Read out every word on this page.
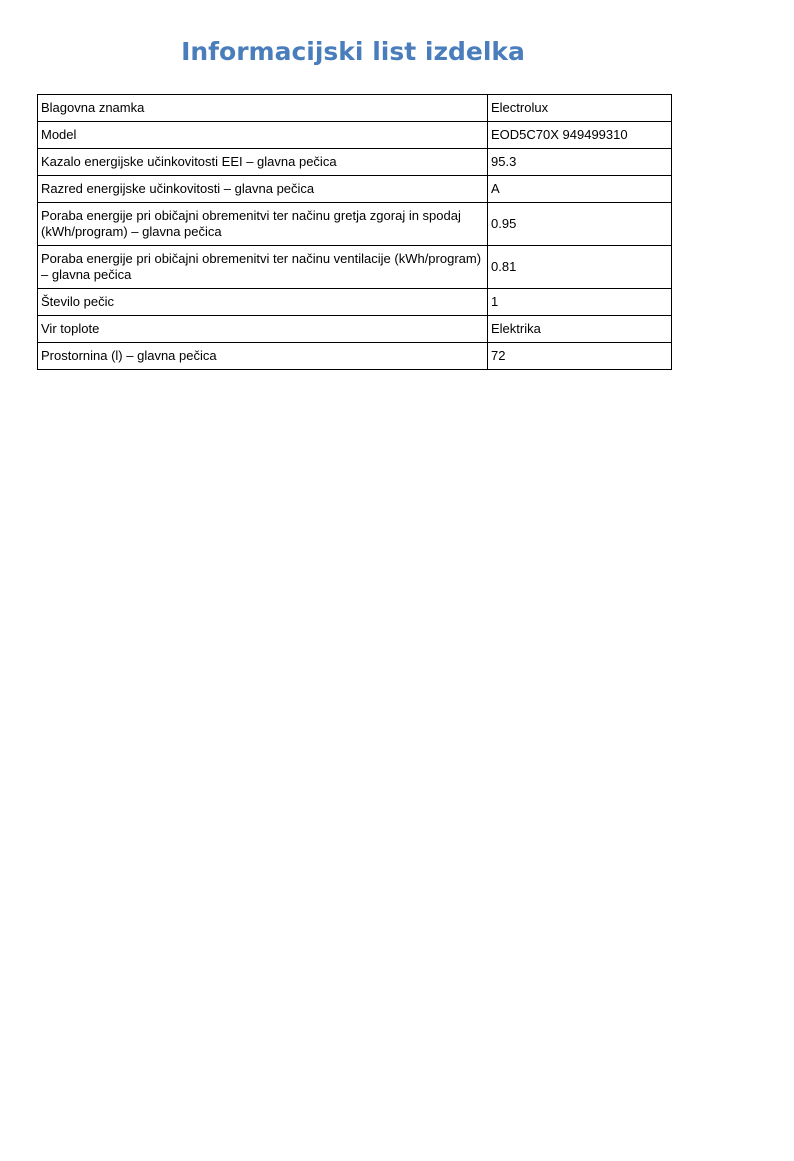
Informacijski list izdelka
Blagovna znamka	Electrolux
Model	EOD5C70X 949499310
Kazalo energijske učinkovitosti EEI – glavna pečica	95.3
Razred energijske učinkovitosti – glavna pečica	A
Poraba energije pri običajni obremenitvi ter načinu gretja zgoraj in spodaj (kWh/program) – glavna pečica	0.95
Poraba energije pri običajni obremenitvi ter načinu ventilacije (kWh/program) – glavna pečica	0.81
Število pečic	1
Vir toplote	Elektrika
Prostornina (l) – glavna pečica	72
